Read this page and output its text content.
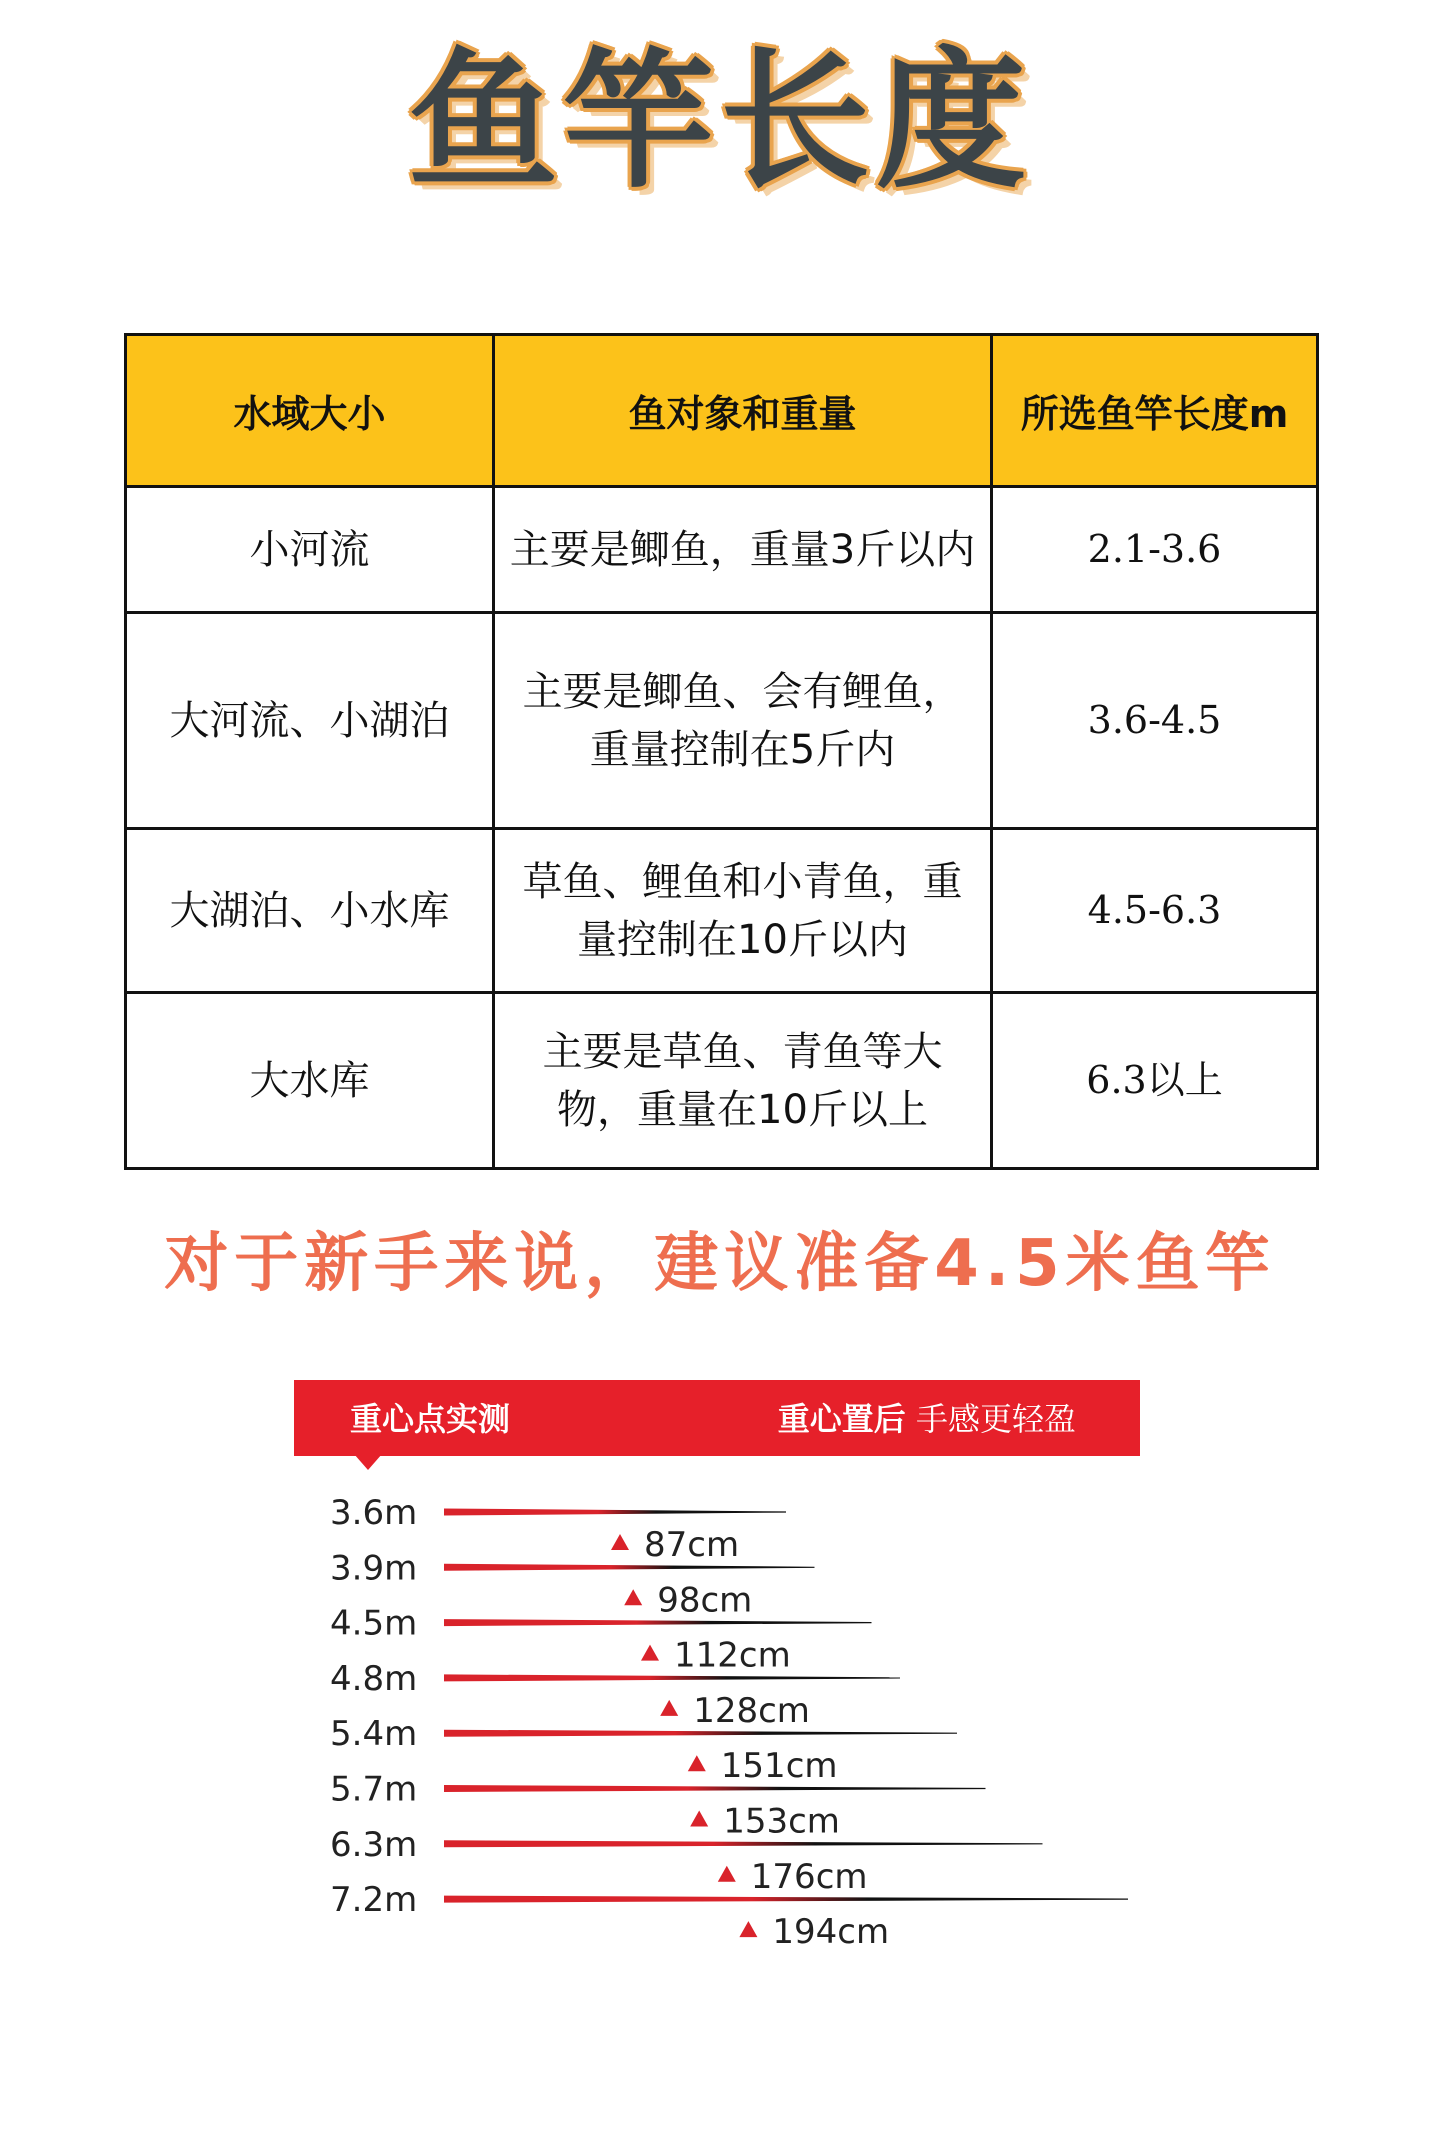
鱼竿长度
水域大小	鱼对象和重量	所选鱼竿长度m
小河流	主要是鲫鱼，重量3斤以内	2.1-3.6
大河流、小湖泊	主要是鲫鱼、会有鲤鱼，
重量控制在5斤内	3.6-4.5
大湖泊、小水库	草鱼、鲤鱼和小青鱼，重
量控制在10斤以内	4.5-6.3
大水库	主要是草鱼、青鱼等大
物，重量在10斤以上	6.3以上
对于新手来说，建议准备4.5米鱼竿
重心点实测	重心置后 手感更轻盈
3.6m
87cm
3.9m
98cm
4.5m
112cm
4.8m
128cm
5.4m
151cm
5.7m
153cm
6.3m
176cm
7.2m
194cm
